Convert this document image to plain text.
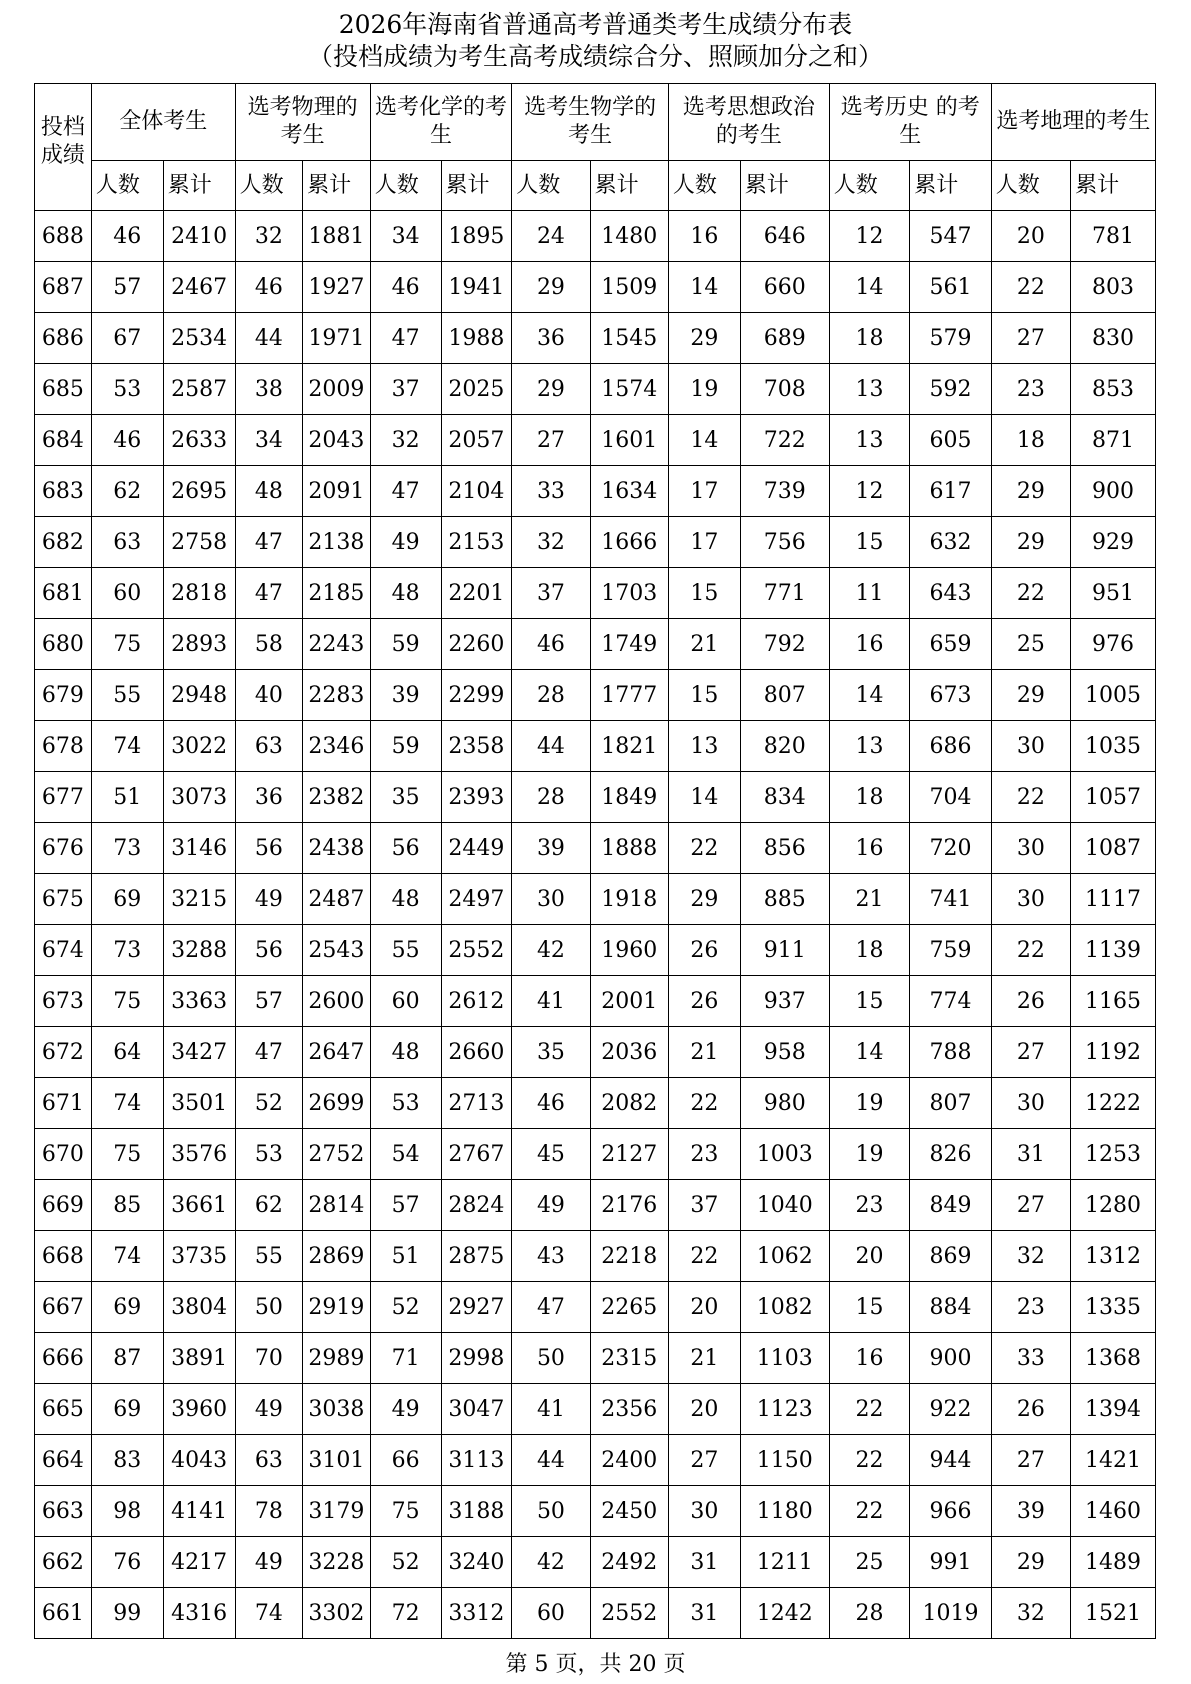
2026年海南省普通高考普通类考生成绩分布表
（投档成绩为考生高考成绩综合分、照顾加分之和）
投档成绩	全体考生		选考物理的考生		选考化学的考生		选考生物学的考生		选考思想政治的考生		选考历史 的考生		选考地理的考生	
	人数	累计	人数	累计	人数	累计	人数	累计	人数	累计	人数	累计	人数	累计
688	46	2410	32	1881	34	1895	24	1480	16	646	12	547	20	781
687	57	2467	46	1927	46	1941	29	1509	14	660	14	561	22	803
686	67	2534	44	1971	47	1988	36	1545	29	689	18	579	27	830
685	53	2587	38	2009	37	2025	29	1574	19	708	13	592	23	853
684	46	2633	34	2043	32	2057	27	1601	14	722	13	605	18	871
683	62	2695	48	2091	47	2104	33	1634	17	739	12	617	29	900
682	63	2758	47	2138	49	2153	32	1666	17	756	15	632	29	929
681	60	2818	47	2185	48	2201	37	1703	15	771	11	643	22	951
680	75	2893	58	2243	59	2260	46	1749	21	792	16	659	25	976
679	55	2948	40	2283	39	2299	28	1777	15	807	14	673	29	1005
678	74	3022	63	2346	59	2358	44	1821	13	820	13	686	30	1035
677	51	3073	36	2382	35	2393	28	1849	14	834	18	704	22	1057
676	73	3146	56	2438	56	2449	39	1888	22	856	16	720	30	1087
675	69	3215	49	2487	48	2497	30	1918	29	885	21	741	30	1117
674	73	3288	56	2543	55	2552	42	1960	26	911	18	759	22	1139
673	75	3363	57	2600	60	2612	41	2001	26	937	15	774	26	1165
672	64	3427	47	2647	48	2660	35	2036	21	958	14	788	27	1192
671	74	3501	52	2699	53	2713	46	2082	22	980	19	807	30	1222
670	75	3576	53	2752	54	2767	45	2127	23	1003	19	826	31	1253
669	85	3661	62	2814	57	2824	49	2176	37	1040	23	849	27	1280
668	74	3735	55	2869	51	2875	43	2218	22	1062	20	869	32	1312
667	69	3804	50	2919	52	2927	47	2265	20	1082	15	884	23	1335
666	87	3891	70	2989	71	2998	50	2315	21	1103	16	900	33	1368
665	69	3960	49	3038	49	3047	41	2356	20	1123	22	922	26	1394
664	83	4043	63	3101	66	3113	44	2400	27	1150	22	944	27	1421
663	98	4141	78	3179	75	3188	50	2450	30	1180	22	966	39	1460
662	76	4217	49	3228	52	3240	42	2492	31	1211	25	991	29	1489
661	99	4316	74	3302	72	3312	60	2552	31	1242	28	1019	32	1521
第 5 页，共 20 页
